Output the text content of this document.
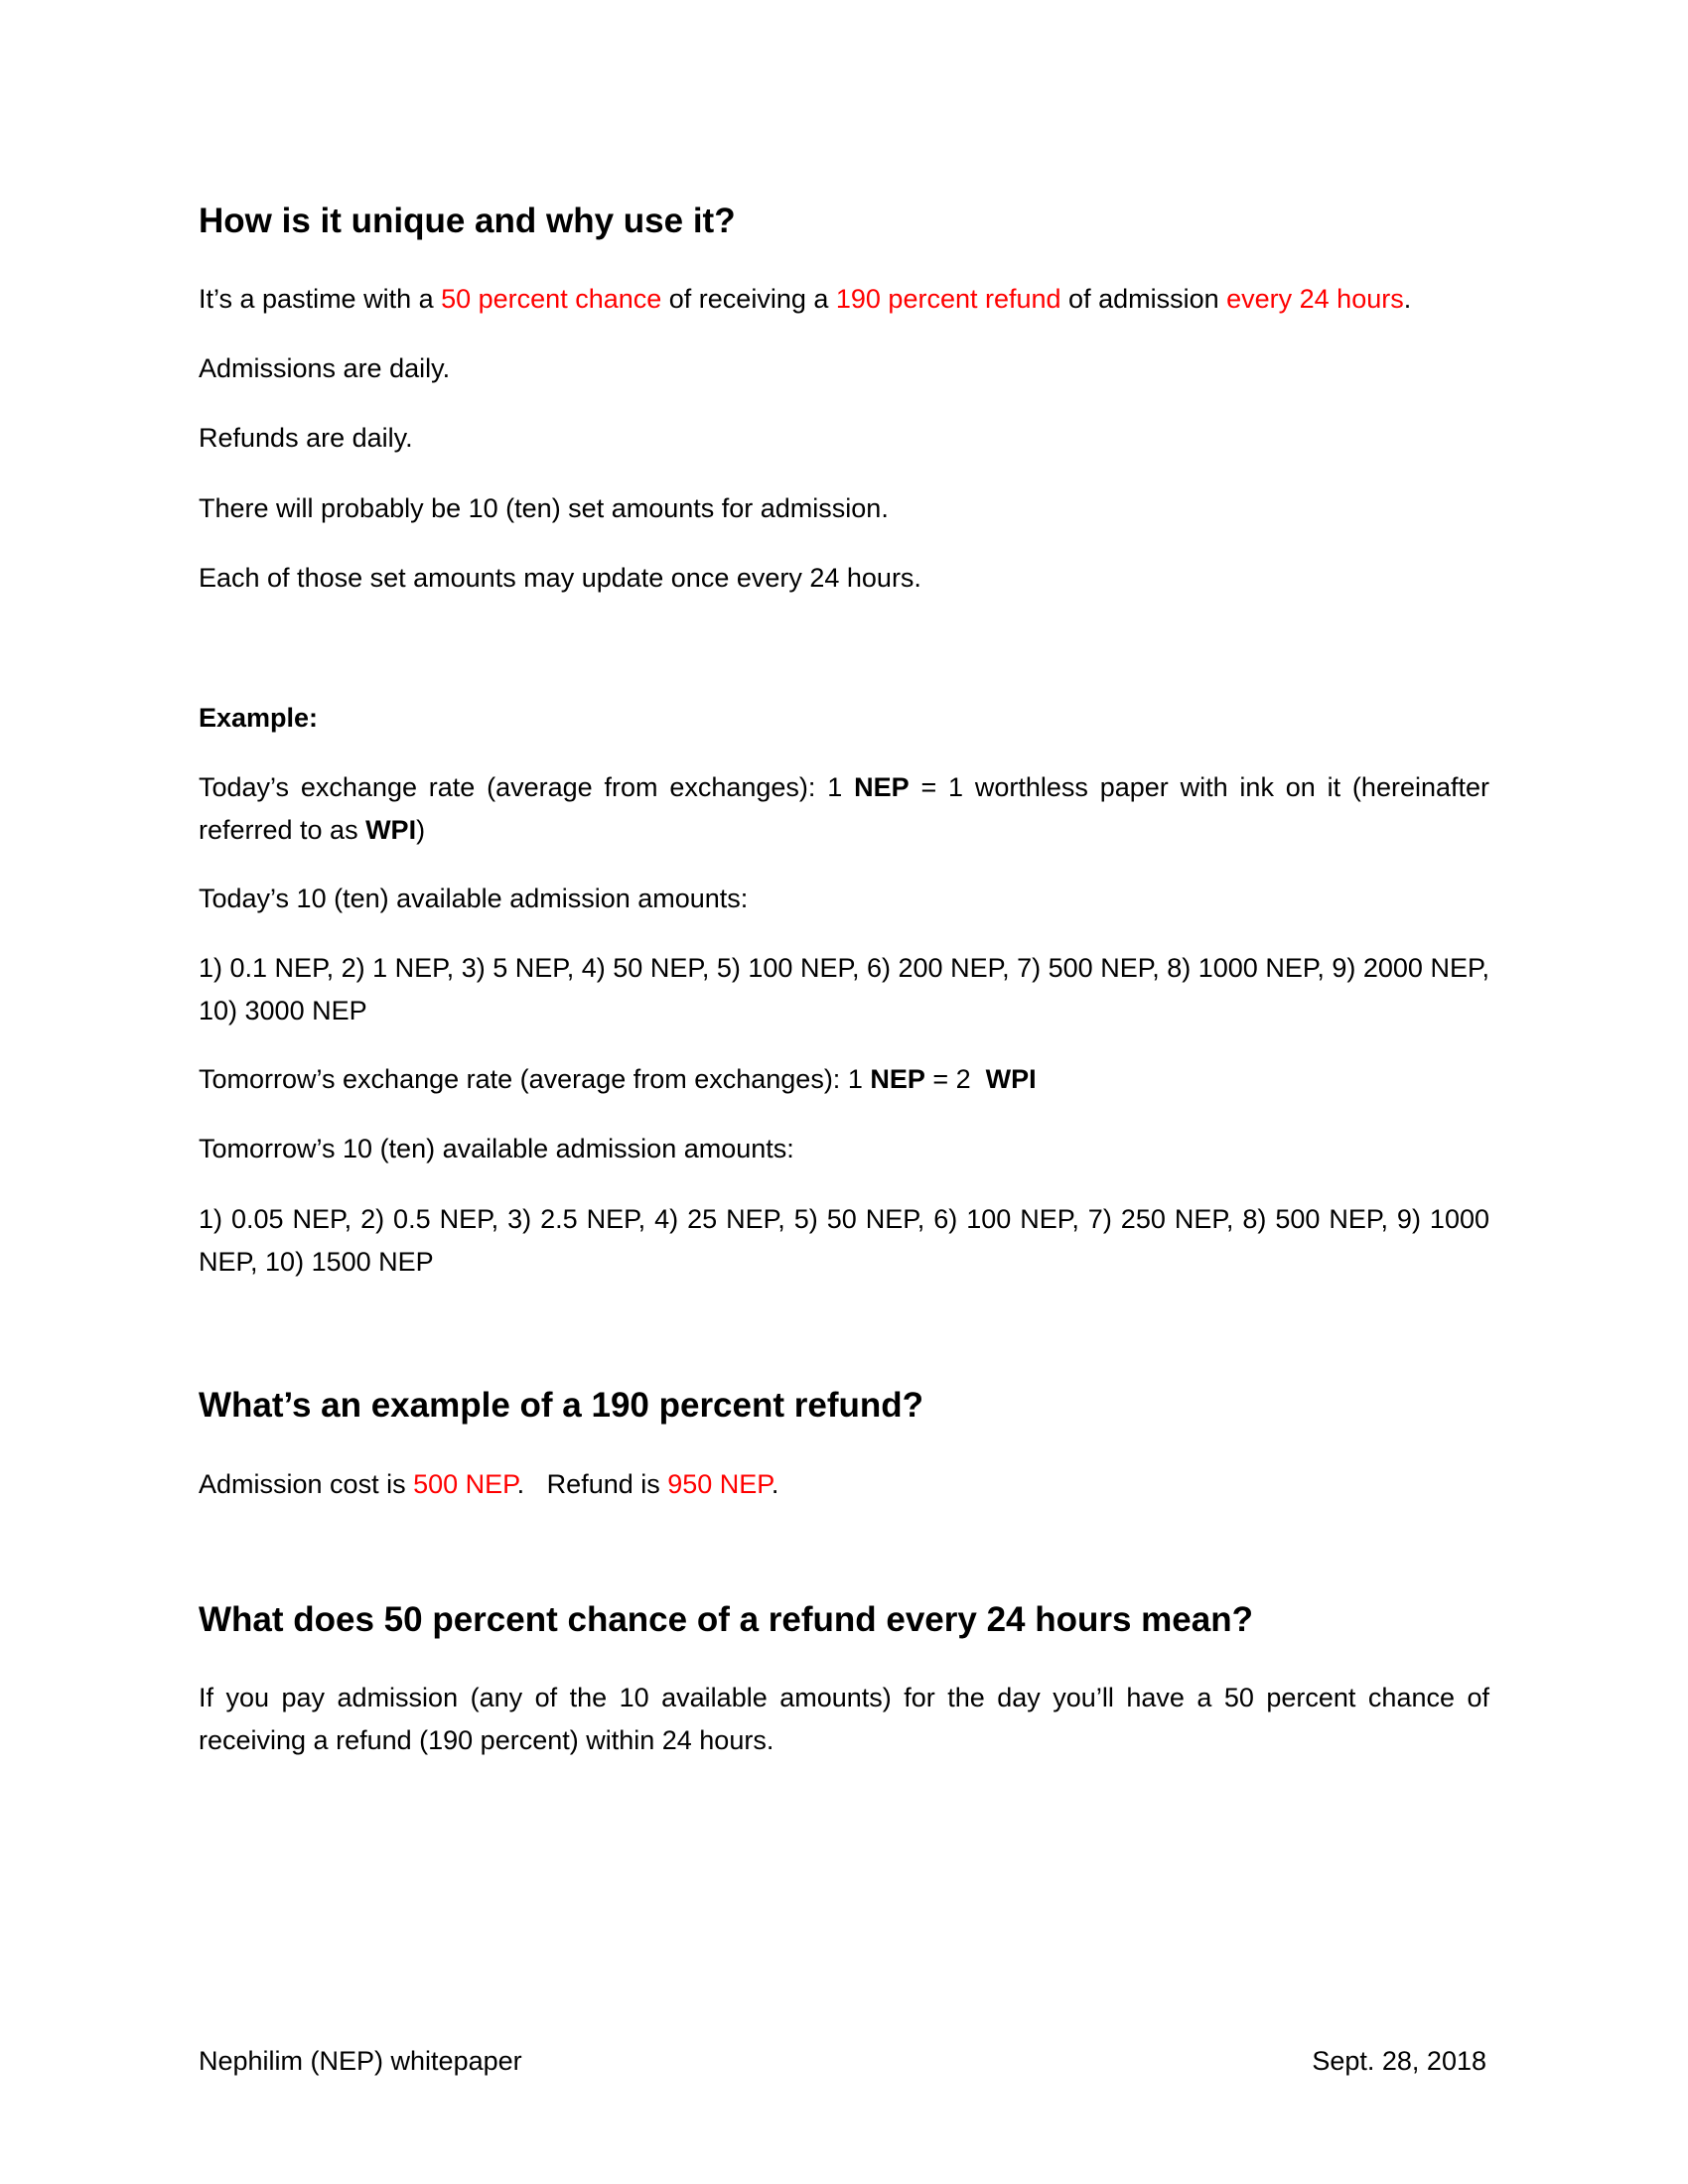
How is it unique and why use it?

It’s a pastime with a 50 percent chance of receiving a 190 percent refund of admission every 24 hours.

Admissions are daily.

Refunds are daily.

There will probably be 10 (ten) set amounts for admission.

Each of those set amounts may update once every 24 hours.

Example:

Today’s exchange rate (average from exchanges): 1 NEP = 1 worthless paper with ink on it (hereinafter referred to as WPI)

Today’s 10 (ten) available admission amounts:

1) 0.1 NEP, 2) 1 NEP, 3) 5 NEP, 4) 50 NEP, 5) 100 NEP, 6) 200 NEP, 7) 500 NEP, 8) 1000 NEP, 9) 2000 NEP, 10) 3000 NEP

Tomorrow’s exchange rate (average from exchanges): 1 NEP = 2  WPI

Tomorrow’s 10 (ten) available admission amounts:

1) 0.05 NEP, 2) 0.5 NEP, 3) 2.5 NEP, 4) 25 NEP, 5) 50 NEP, 6) 100 NEP, 7) 250 NEP, 8) 500 NEP, 9) 1000 NEP, 10) 1500 NEP

What’s an example of a 190 percent refund?

Admission cost is 500 NEP.   Refund is 950 NEP.

What does 50 percent chance of a refund every 24 hours mean?

If you pay admission (any of the 10 available amounts) for the day you’ll have a 50 percent chance of receiving a refund (190 percent) within 24 hours.

Nephilim (NEP) whitepaper	Sept. 28, 2018
